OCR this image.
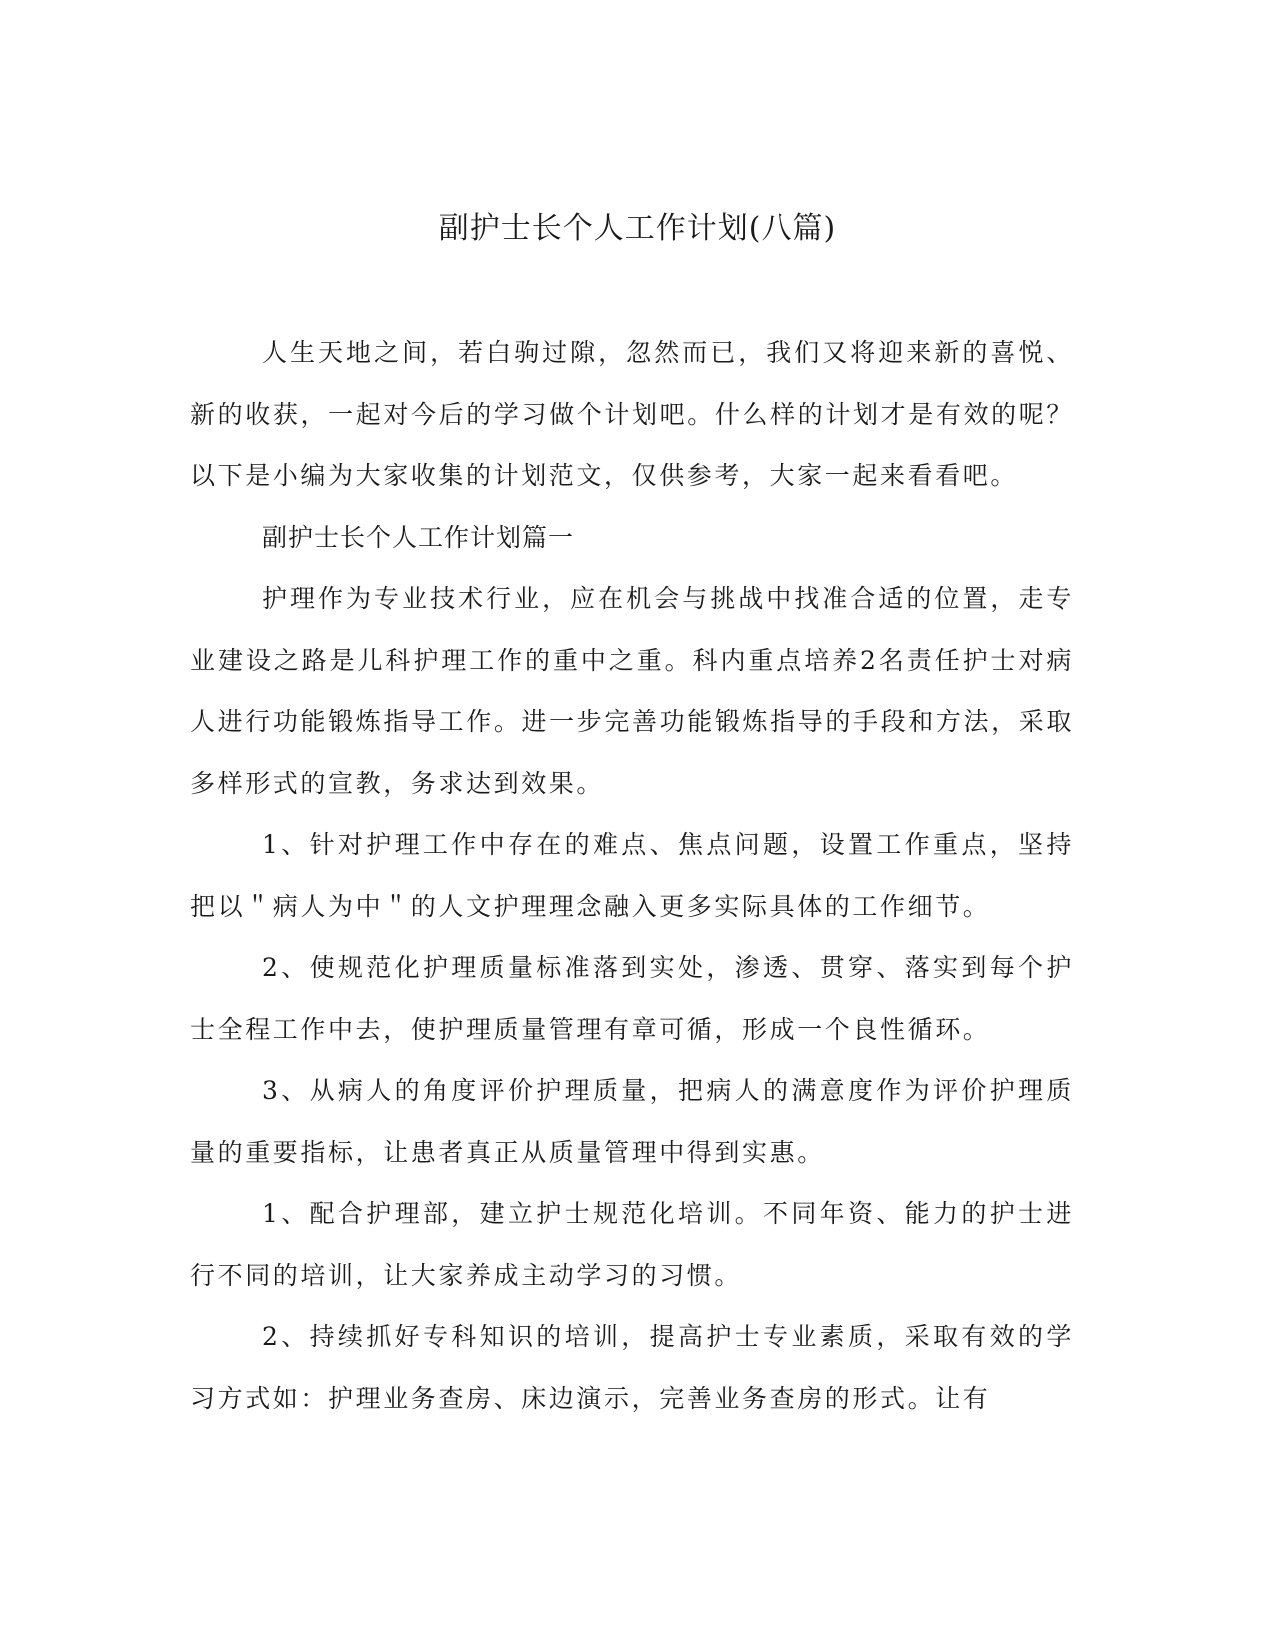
副护士长个人工作计划(八篇)

人生天地之间，若白驹过隙，忽然而已，我们又将迎来新的喜悦、新的收获，一起对今后的学习做个计划吧。什么样的计划才是有效的呢？以下是小编为大家收集的计划范文，仅供参考，大家一起来看看吧。

副护士长个人工作计划篇一

护理作为专业技术行业，应在机会与挑战中找准合适的位置，走专业建设之路是儿科护理工作的重中之重。科内重点培养2名责任护士对病人进行功能锻炼指导工作。进一步完善功能锻炼指导的手段和方法，采取多样形式的宣教，务求达到效果。

1、针对护理工作中存在的难点、焦点问题，设置工作重点，坚持把以＂病人为中＂的人文护理理念融入更多实际具体的工作细节。

2、使规范化护理质量标准落到实处，渗透、贯穿、落实到每个护士全程工作中去，使护理质量管理有章可循，形成一个良性循环。

3、从病人的角度评价护理质量，把病人的满意度作为评价护理质量的重要指标，让患者真正从质量管理中得到实惠。

1、配合护理部，建立护士规范化培训。不同年资、能力的护士进行不同的培训，让大家养成主动学习的习惯。

2、持续抓好专科知识的培训，提高护士专业素质，采取有效的学习方式如：护理业务查房、床边演示，完善业务查房的形式。让有
